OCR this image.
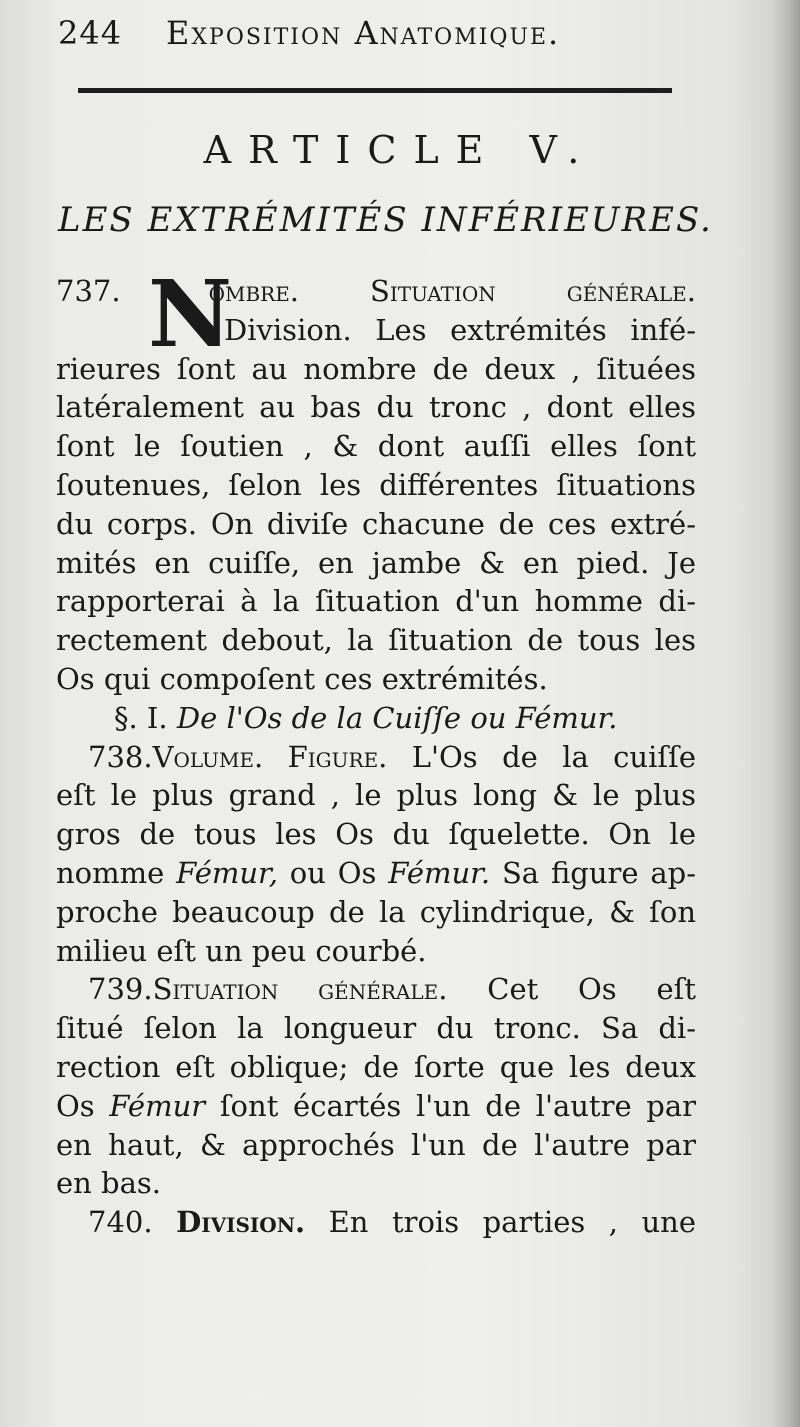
244 Exposition Anatomique.
ARTICLE V.
LES EXTRÉMITÉS INFÉRIEURES.
N
737.	ombre. Situation générale.
Division. Les extrémités infé-
rieures ſont au nombre de deux , ſituées
latéralement au bas du tronc , dont elles
ſont le ſoutien , & dont auſſi elles ſont
ſoutenues, ſelon les différentes ſituations
du corps. On diviſe chacune de ces extré-
mités en cuiſſe, en jambe & en pied. Je
rapporterai à la ſituation d'un homme di-
rectement debout, la ſituation de tous les
Os qui compoſent ces extrémités.
§. I. De l'Os de la Cuiſſe ou Fémur.
738.Volume. Figure. L'Os de la cuiſſe
eſt le plus grand , le plus long & le plus
gros de tous les Os du ſquelette. On le
nomme Fémur, ou Os Fémur. Sa figure ap-
proche beaucoup de la cylindrique, & ſon
milieu eſt un peu courbé.
739.Situation générale. Cet Os eſt
ſitué ſelon la longueur du tronc. Sa di-
rection eſt oblique; de ſorte que les deux
Os Fémur ſont écartés l'un de l'autre par
en haut, & approchés l'un de l'autre par
en bas.
740. Division. En trois parties , une
